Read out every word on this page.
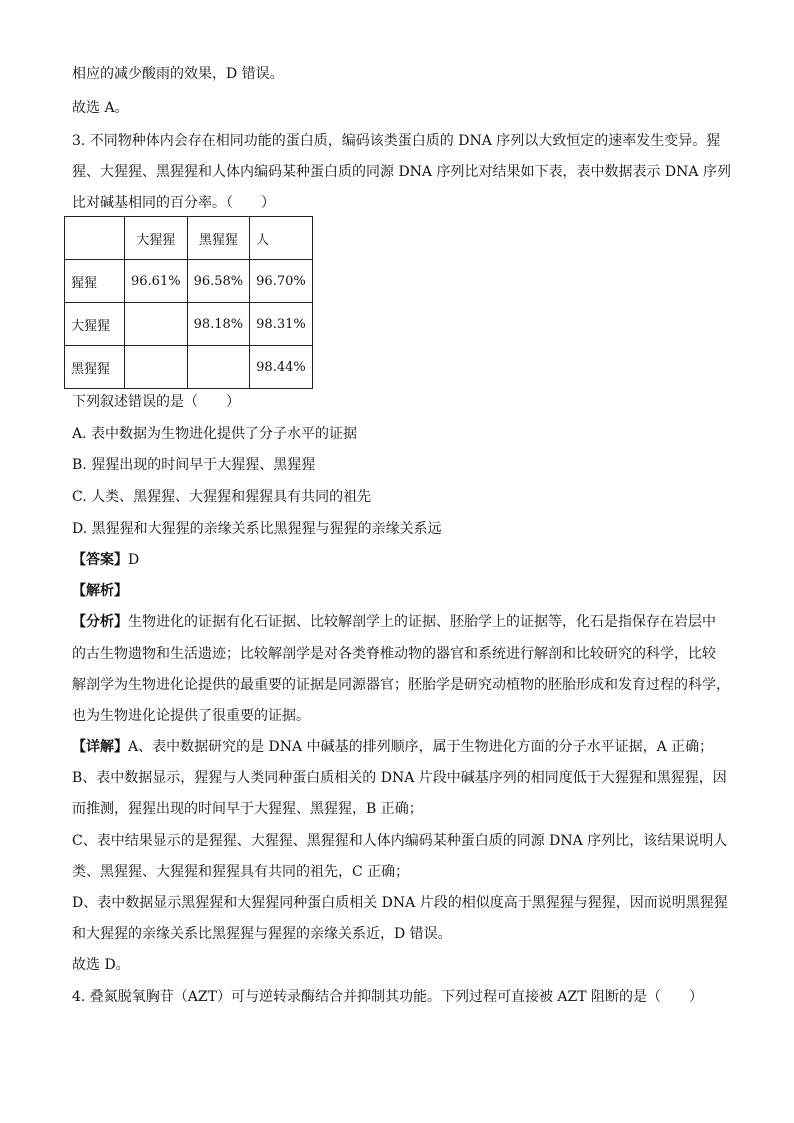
相应的减少酸雨的效果，D 错误。
故选 A。
3. 不同物种体内会存在相同功能的蛋白质，编码该类蛋白质的 DNA 序列以大致恒定的速率发生变异。猩
猩、大猩猩、黑猩猩和人体内编码某种蛋白质的同源 DNA 序列比对结果如下表，表中数据表示 DNA 序列
比对碱基相同的百分率。（　　）
	大猩猩	黑猩猩	人
猩猩	96.61%	96.58%	96.70%
大猩猩		98.18%	98.31%
黑猩猩			98.44%
下列叙述错误的是（　　）
A. 表中数据为生物进化提供了分子水平的证据
B. 猩猩出现的时间早于大猩猩、黑猩猩
C. 人类、黑猩猩、大猩猩和猩猩具有共同的祖先
D. 黑猩猩和大猩猩的亲缘关系比黑猩猩与猩猩的亲缘关系远
【答案】D
【解析】
【分析】生物进化的证据有化石证据、比较解剖学上的证据、胚胎学上的证据等，化石是指保存在岩层中
的古生物遗物和生活遗迹；比较解剖学是对各类脊椎动物的器官和系统进行解剖和比较研究的科学，比较
解剖学为生物进化论提供的最重要的证据是同源器官；胚胎学是研究动植物的胚胎形成和发育过程的科学，
也为生物进化论提供了很重要的证据。
【详解】A、表中数据研究的是 DNA 中碱基的排列顺序，属于生物进化方面的分子水平证据，A 正确；
B、表中数据显示，猩猩与人类同种蛋白质相关的 DNA 片段中碱基序列的相同度低于大猩猩和黑猩猩，因
而推测，猩猩出现的时间早于大猩猩、黑猩猩，B 正确；
C、表中结果显示的是猩猩、大猩猩、黑猩猩和人体内编码某种蛋白质的同源 DNA 序列比，该结果说明人
类、黑猩猩、大猩猩和猩猩具有共同的祖先，C 正确；
D、表中数据显示黑猩猩和大猩猩同种蛋白质相关 DNA 片段的相似度高于黑猩猩与猩猩，因而说明黑猩猩
和大猩猩的亲缘关系比黑猩猩与猩猩的亲缘关系近，D 错误。
故选 D。
4. 叠氮脱氧胸苷（AZT）可与逆转录酶结合并抑制其功能。下列过程可直接被 AZT 阻断的是（　　）
